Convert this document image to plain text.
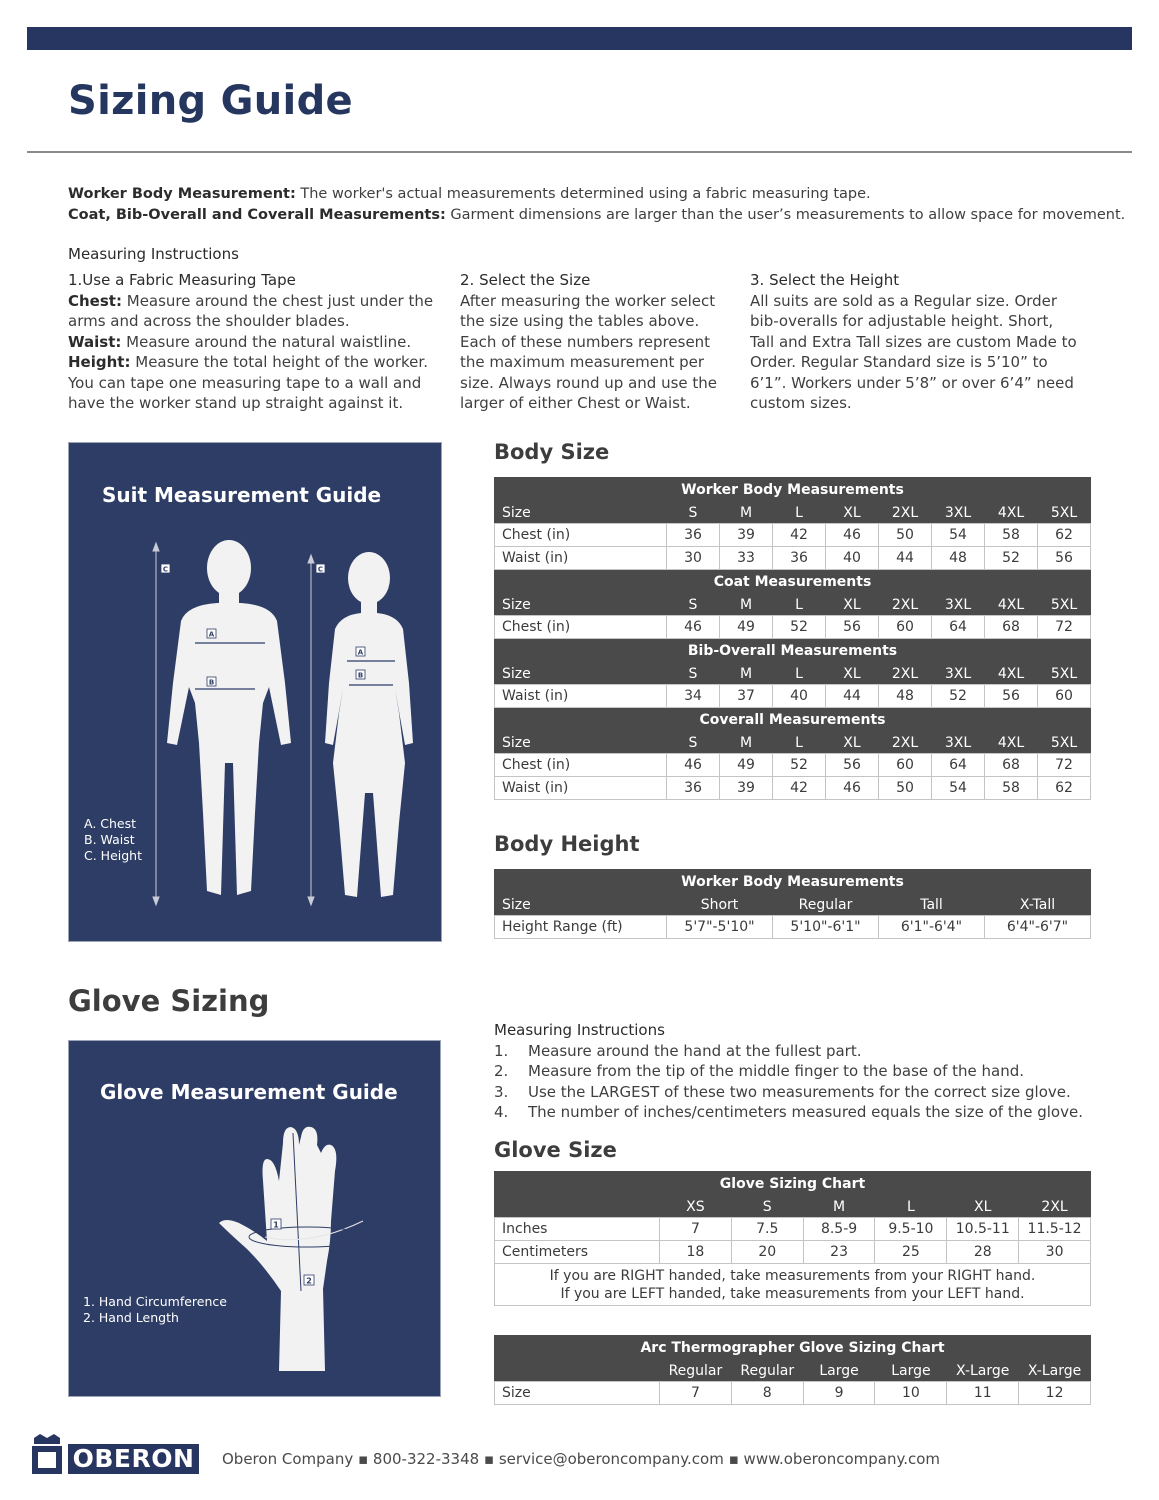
Sizing Guide
Worker Body Measurement: The worker's actual measurements determined using a fabric measuring tape.
Coat, Bib-Overall and Coverall Measurements: Garment dimensions are larger than the user’s measurements to allow space for movement.
Measuring Instructions
1.Use a Fabric Measuring Tape
Chest: Measure around the chest just under the arms and across the shoulder blades.
Waist: Measure around the natural waistline.
Height: Measure the total height of the worker. You can tape one measuring tape to a wall and have the worker stand up straight against it.
2. Select the Size
After measuring the worker select the size using the tables above. Each of these numbers represent the maximum measurement per size. Always round up and use the larger of either Chest or Waist.
3. Select the Height
All suits are sold as a Regular size. Order bib-overalls for adjustable height. Short, Tall and Extra Tall sizes are custom Made to Order. Regular Standard size is 5’10” to 6’1”. Workers under 5’8” or over 6’4” need custom sizes.
Suit Measurement Guide
C	C
A
B
A
B
A. Chest
B. Waist
C. Height
Body Size
Worker Body Measurements								
Size	S	M	L	XL	2XL	3XL	4XL	5XL
Chest (in)	36	39	42	46	50	54	58	62
Waist (in)	30	33	36	40	44	48	52	56
Coat Measurements								
Size	S	M	L	XL	2XL	3XL	4XL	5XL
Chest (in)	46	49	52	56	60	64	68	72
Bib-Overall Measurements								
Size	S	M	L	XL	2XL	3XL	4XL	5XL
Waist (in)	34	37	40	44	48	52	56	60
Coverall Measurements								
Size	S	M	L	XL	2XL	3XL	4XL	5XL
Chest (in)	46	49	52	56	60	64	68	72
Waist (in)	36	39	42	46	50	54	58	62
Body Height
Worker Body Measurements				
Size	Short	Regular	Tall	X-Tall
Height Range (ft)	5'7"-5'10"	5'10"-6'1"	6'1"-6'4"	6'4"-6'7"
Glove Sizing
Glove Measurement Guide
1
2
1. Hand Circumference
2. Hand Length
Measuring Instructions
1. Measure around the hand at the fullest part.
2. Measure from the tip of the middle finger to the base of the hand.
3. Use the LARGEST of these two measurements for the correct size glove.
4. The number of inches/centimeters measured equals the size of the glove.
Glove Size
Glove Sizing Chart						
	XS	S	M	L	XL	2XL
Inches	7	7.5	8.5-9	9.5-10	10.5-11	11.5-12
Centimeters	18	20	23	25	28	30

If you are RIGHT handed, take measurements from your RIGHT hand.
If you are LEFT handed, take measurements from your LEFT hand.						
Arc Thermographer Glove Sizing Chart						
	Regular	Regular	Large	Large	X-Large	X-Large
Size	7	8	9	10	11	12
OBERON	Oberon Company ▪ 800-322-3348 ▪ service@oberoncompany.com ▪ www.oberoncompany.com
